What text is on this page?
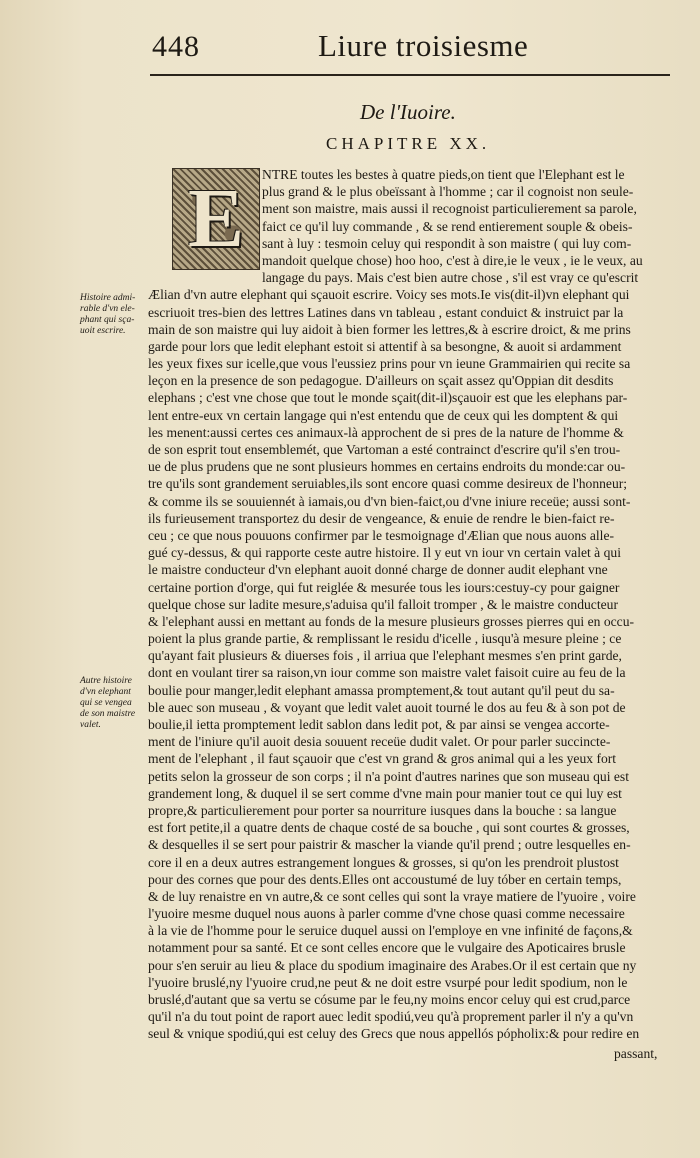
448	Liure troisiesme
De l'Iuoire.
CHAPITRE XX.
E	NTRE toutes les bestes à quatre pieds,on tient que l'Elephant est le
plus grand & le plus obeïssant à l'homme ; car il cognoist non seule-
ment son maistre, mais aussi il recognoist particulierement sa parole,
faict ce qu'il luy commande , & se rend entierement souple & obeis-
sant à luy : tesmoin celuy qui respondit à son maistre ( qui luy com-
mandoit quelque chose) hoo hoo, c'est à dire,ie le veux , ie le veux, au
langage du pays. Mais c'est bien autre chose , s'il est vray ce qu'escrit
Ælian d'vn autre elephant qui sçauoit escrire. Voicy ses mots.Ie vis(dit-il)vn elephant qui
escriuoit tres-bien des lettres Latines dans vn tableau , estant conduict & instruict par la
main de son maistre qui luy aidoit à bien former les lettres,& à escrire droict, & me prins
garde pour lors que ledit elephant estoit si attentif à sa besongne, & auoit si ardamment
les yeux fixes sur icelle,que vous l'eussiez prins pour vn ieune Grammairien qui recite sa
leçon en la presence de son pedagogue. D'ailleurs on sçait assez qu'Oppian dit desdits
elephans ; c'est vne chose que tout le monde sçait(dit-il)sçauoir est que les elephans par-
lent entre-eux vn certain langage qui n'est entendu que de ceux qui les domptent & qui
les menent:aussi certes ces animaux-là approchent de si pres de la nature de l'homme &
de son esprit tout ensemblemét, que Vartoman a esté contrainct d'escrire qu'il s'en trou-
ue de plus prudens que ne sont plusieurs hommes en certains endroits du monde:car ou-
tre qu'ils sont grandement seruiables,ils sont encore quasi comme desireux de l'honneur;
& comme ils se souuiennét à iamais,ou d'vn bien-faict,ou d'vne iniure receüe; aussi sont-
ils furieusement transportez du desir de vengeance, & enuie de rendre le bien-faict re-
ceu ; ce que nous pouuons confirmer par le tesmoignage d'Ælian que nous auons alle-
gué cy-dessus, & qui rapporte ceste autre histoire. Il y eut vn iour vn certain valet à qui
le maistre conducteur d'vn elephant auoit donné charge de donner audit elephant vne
certaine portion d'orge, qui fut reiglée & mesurée tous les iours:cestuy-cy pour gaigner
quelque chose sur ladite mesure,s'aduisa qu'il falloit tromper , & le maistre conducteur
& l'elephant aussi en mettant au fonds de la mesure plusieurs grosses pierres qui en occu-
poient la plus grande partie, & remplissant le residu d'icelle , iusqu'à mesure pleine ; ce
qu'ayant fait plusieurs & diuerses fois , il arriua que l'elephant mesmes s'en print garde,
dont en voulant tirer sa raison,vn iour comme son maistre valet faisoit cuire au feu de la
boulie pour manger,ledit elephant amassa promptement,& tout autant qu'il peut du sa-
ble auec son museau , & voyant que ledit valet auoit tourné le dos au feu & à son pot de
boulie,il ietta promptement ledit sablon dans ledit pot, & par ainsi se vengea accorte-
ment de l'iniure qu'il auoit desia souuent receüe dudit valet. Or pour parler succincte-
ment de l'elephant , il faut sçauoir que c'est vn grand & gros animal qui a les yeux fort
petits selon la grosseur de son corps ; il n'a point d'autres narines que son museau qui est
grandement long, & duquel il se sert comme d'vne main pour manier tout ce qui luy est
propre,& particulierement pour porter sa nourriture iusques dans la bouche : sa langue
est fort petite,il a quatre dents de chaque costé de sa bouche , qui sont courtes & grosses,
& desquelles il se sert pour paistrir & mascher la viande qu'il prend ; outre lesquelles en-
core il en a deux autres estrangement longues & grosses, si qu'on les prendroit plustost
pour des cornes que pour des dents.Elles ont accoustumé de luy tóber en certain temps,
& de luy renaistre en vn autre,& ce sont celles qui sont la vraye matiere de l'yuoire , voire
l'yuoire mesme duquel nous auons à parler comme d'vne chose quasi comme necessaire
à la vie de l'homme pour le seruice duquel aussi on l'employe en vne infinité de façons,&
notamment pour sa santé. Et ce sont celles encore que le vulgaire des Apoticaires brusle
pour s'en seruir au lieu & place du spodium imaginaire des Arabes.Or il est certain que ny
l'yuoire bruslé,ny l'yuoire crud,ne peut & ne doit estre vsurpé pour ledit spodium, non le
bruslé,d'autant que sa vertu se cósume par le feu,ny moins encor celuy qui est crud,parce
qu'il n'a du tout point de raport auec ledit spodiú,veu qu'à proprement parler il n'y a qu'vn
seul & vnique spodiú,qui est celuy des Grecs que nous appellós pópholix:& pour redire en
Histoire admi-
rable d'vn ele-
phant qui sça-
uoit escrire.
Autre histoire
d'vn elephant
qui se vengea
de son maistre
valet.
passant,
